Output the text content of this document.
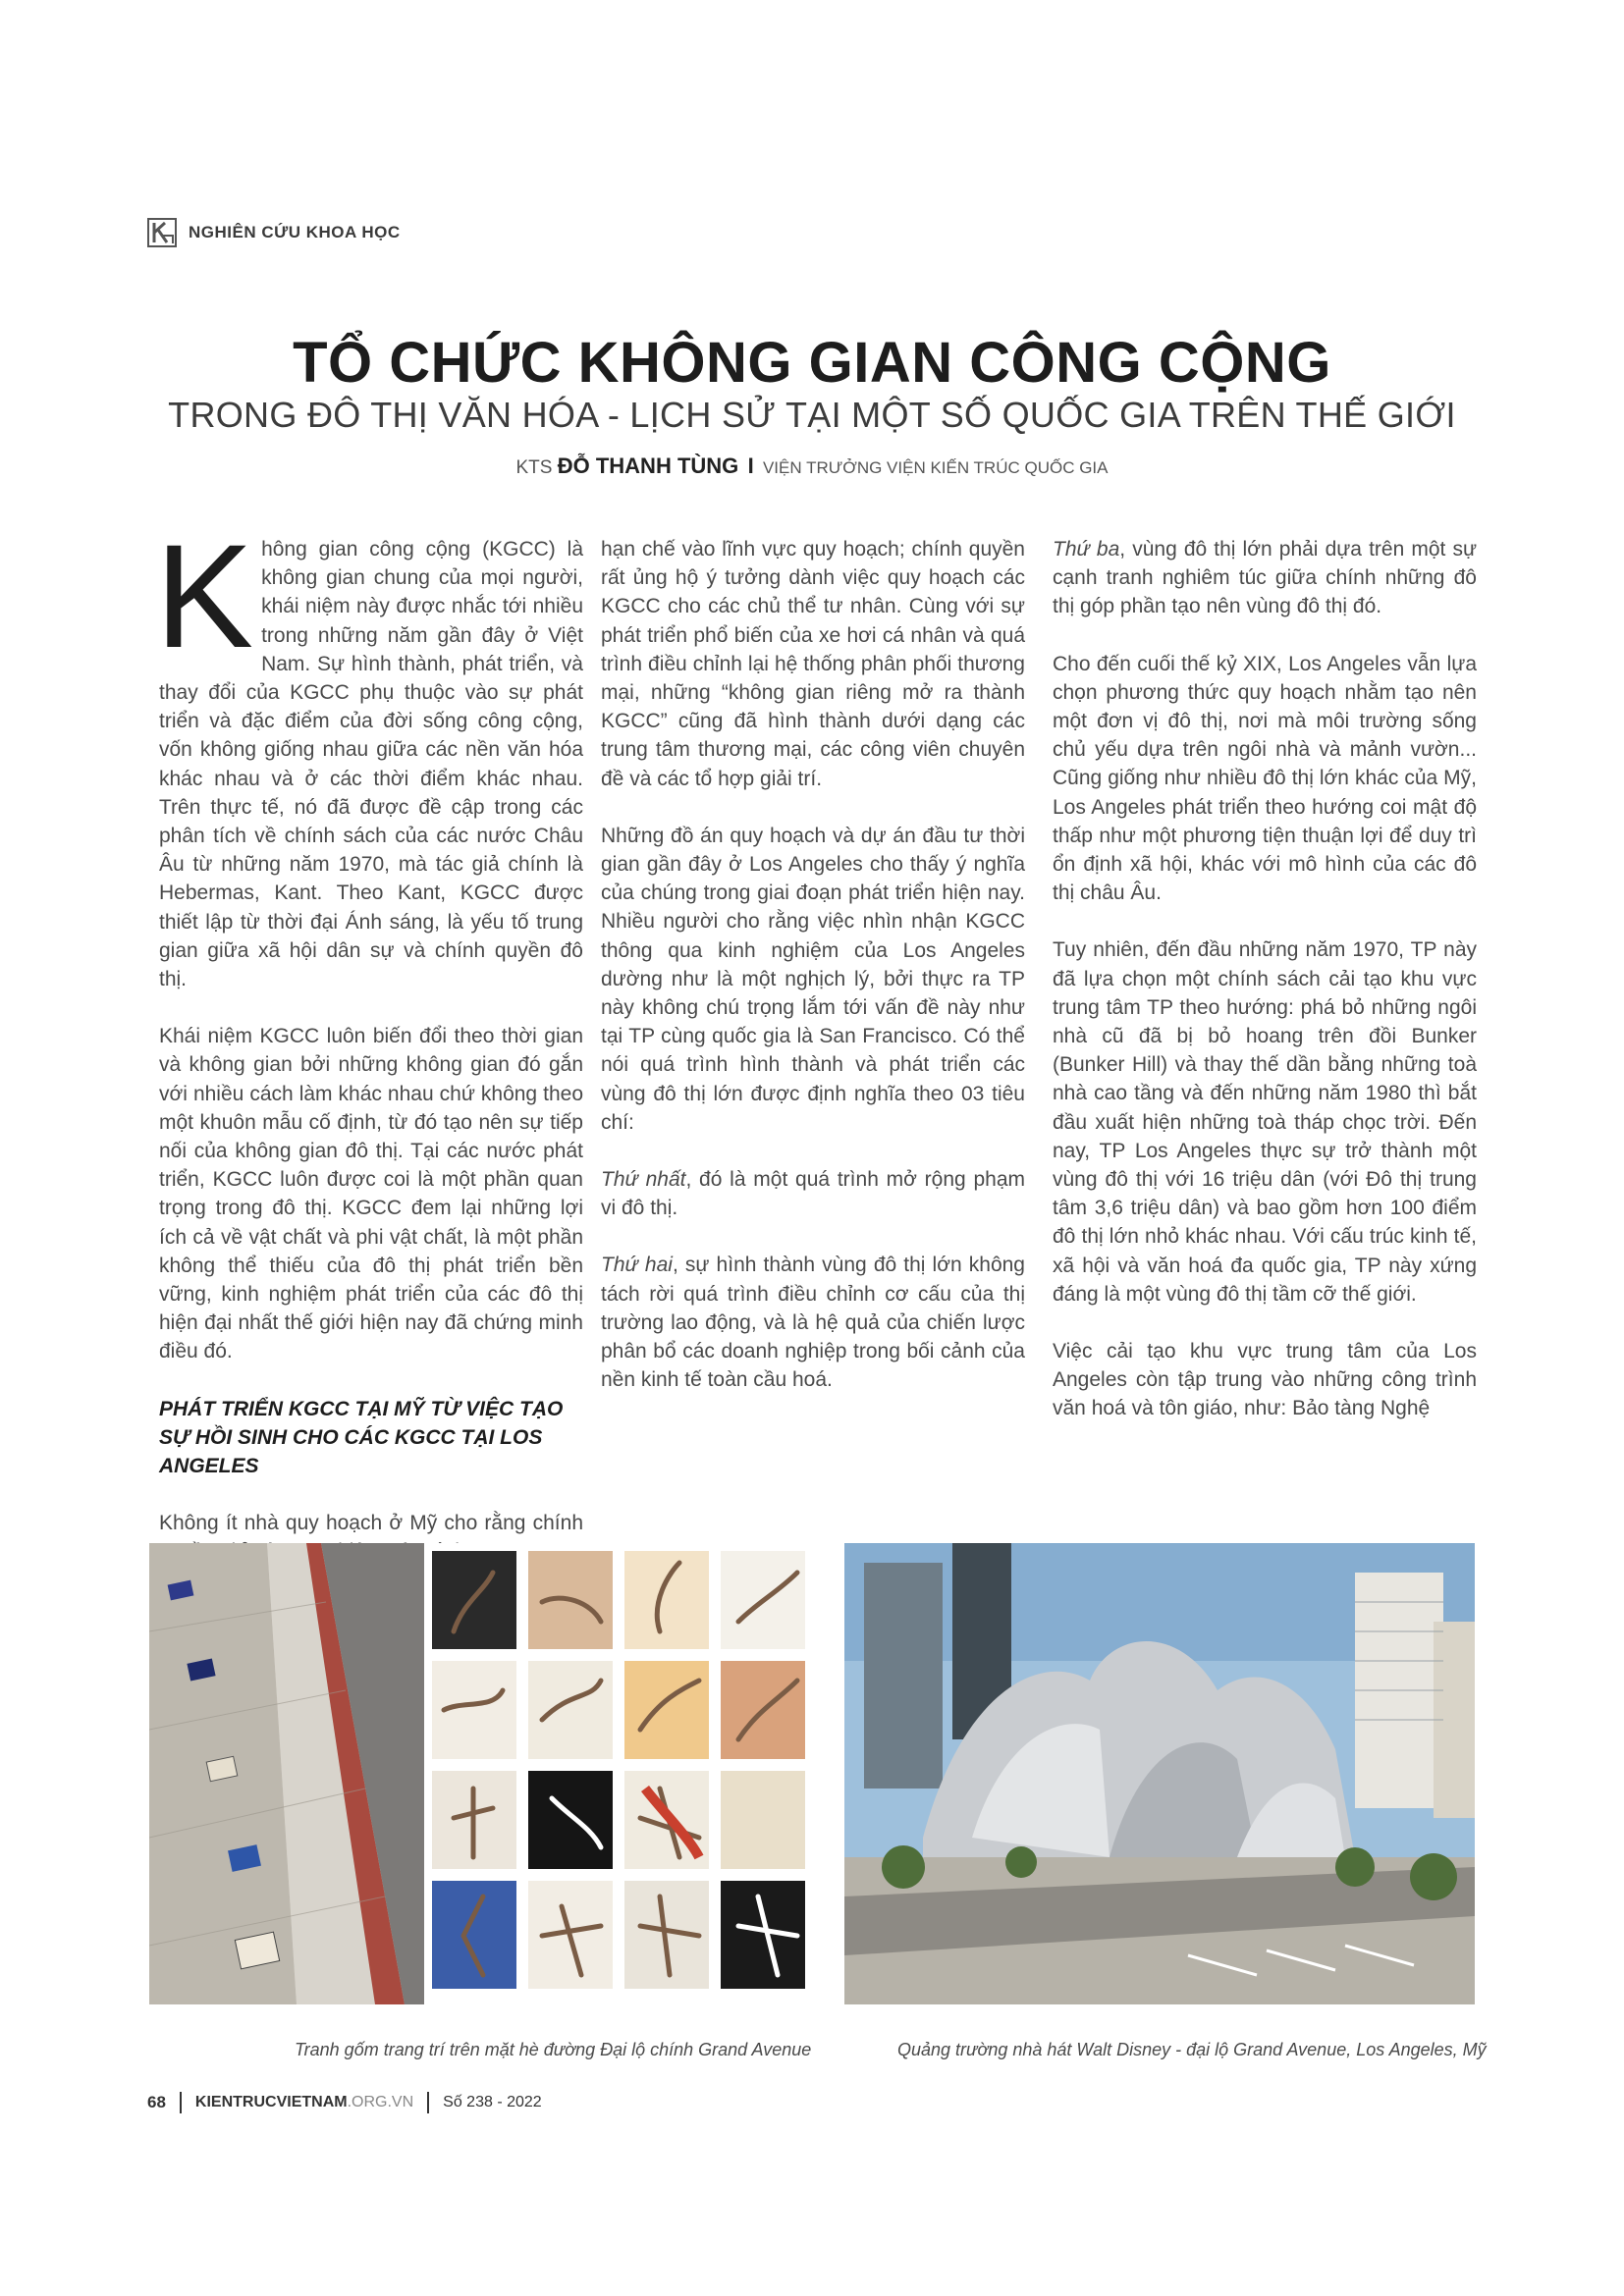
NGHIÊN CỨU KHOA HỌC
TỔ CHỨC KHÔNG GIAN CÔNG CỘNG
TRONG ĐÔ THỊ VĂN HÓA - LỊCH SỬ TẠI MỘT SỐ QUỐC GIA TRÊN THẾ GIỚI
KTS ĐỖ THANH TÙNG I VIỆN TRƯỞNG VIỆN KIẾN TRÚC QUỐC GIA

Không gian công cộng (KGCC) là không gian chung của mọi người, khái niệm này được nhắc tới nhiều trong những năm gần đây ở Việt Nam. Sự hình thành, phát triển, và thay đổi của KGCC phụ thuộc vào sự phát triển và đặc điểm của đời sống công cộng, vốn không giống nhau giữa các nền văn hóa khác nhau và ở các thời điểm khác nhau. Trên thực tế, nó đã được đề cập trong các phân tích về chính sách của các nước Châu Âu từ những năm 1970, mà tác giả chính là Hebermas, Kant. Theo Kant, KGCC được thiết lập từ thời đại Ánh sáng, là yếu tố trung gian giữa xã hội dân sự và chính quyền đô thị.

Khái niệm KGCC luôn biến đổi theo thời gian và không gian bởi những không gian đó gắn với nhiều cách làm khác nhau chứ không theo một khuôn mẫu cố định, từ đó tạo nên sự tiếp nối của không gian đô thị. Tại các nước phát triển, KGCC luôn được coi là một phần quan trọng trong đô thị. KGCC đem lại những lợi ích cả về vật chất và phi vật chất, là một phần không thể thiếu của đô thị phát triển bền vững, kinh nghiệm phát triển của các đô thị hiện đại nhất thế giới hiện nay đã chứng minh điều đó.

PHÁT TRIỂN KGCC TẠI MỸ TỪ VIỆC TẠO SỰ HỒI SINH CHO CÁC KGCC TẠI LOS ANGELES

Không ít nhà quy hoạch ở Mỹ cho rằng chính

hạn chế vào lĩnh vực quy hoạch; chính quyền rất ủng hộ ý tưởng dành việc quy hoạch các KGCC cho các chủ thể tư nhân. Cùng với sự phát triển phổ biến của xe hơi cá nhân và quá trình điều chỉnh lại hệ thống phân phối thương mại, những “không gian riêng mở ra thành KGCC” cũng đã hình thành dưới dạng các trung tâm thương mại, các công viên chuyên đề và các tổ hợp giải trí.

Những đồ án quy hoạch và dự án đầu tư thời gian gần đây ở Los Angeles cho thấy ý nghĩa của chúng trong giai đoạn phát triển hiện nay. Nhiều người cho rằng việc nhìn nhận KGCC thông qua kinh nghiệm của Los Angeles dường như là một nghịch lý, bởi thực ra TP này không chú trọng lắm tới vấn đề này như tại TP cùng quốc gia là San Francisco. Có thể nói quá trình hình thành và phát triển các vùng đô thị lớn được định nghĩa theo 03 tiêu chí:

Thứ nhất, đó là một quá trình mở rộng phạm vi đô thị.

Thứ hai, sự hình thành vùng đô thị lớn không tách rời quá trình điều chỉnh cơ cấu của thị trường lao động, và là hệ quả của chiến lược phân bổ các doanh nghiệp trong bối cảnh của nền kinh tế toàn cầu hoá.

Thứ ba, vùng đô thị lớn phải dựa trên một sự cạnh tranh nghiêm túc giữa chính những đô thị góp phần tạo nên vùng đô thị đó.

Cho đến cuối thế kỷ XIX, Los Angeles vẫn lựa chọn phương thức quy hoạch nhằm tạo nên một đơn vị đô thị, nơi mà môi trường sống chủ yếu dựa trên ngôi nhà và mảnh vườn... Cũng giống như nhiều đô thị lớn khác của Mỹ, Los Angeles phát triển theo hướng coi mật độ thấp như một phương tiện thuận lợi để duy trì ổn định xã hội, khác với mô hình của các đô thị châu Âu.

Tuy nhiên, đến đầu những năm 1970, TP này đã lựa chọn một chính sách cải tạo khu vực trung tâm TP theo hướng: phá bỏ những ngôi nhà cũ đã bị bỏ hoang trên đồi Bunker (Bunker Hill) và thay thế dần bằng những toà nhà cao tầng và đến những năm 1980 thì bắt đầu xuất hiện những toà tháp chọc trời. Đến nay, TP Los Angeles thực sự trở thành một vùng đô thị với 16 triệu dân (với Đô thị trung tâm 3,6 triệu dân) và bao gồm hơn 100 điểm đô thị lớn nhỏ khác nhau. Với cấu trúc kinh tế, xã hội và văn hoá đa quốc gia, TP này xứng đáng là một vùng đô thị tầm cỡ thế giới.

Việc cải tạo khu vực trung tâm của Los Angeles còn tập trung vào những công trình văn hoá và tôn giáo, như: Bảo tàng Nghệ

Tranh gốm trang trí trên mặt hè đường Đại lộ chính Grand Avenue	Quảng trường nhà hát Walt Disney - đại lộ Grand Avenue, Los Angeles, Mỹ
68 KIENTRUCVIETNAM.ORG.VN Số 238 - 2022
